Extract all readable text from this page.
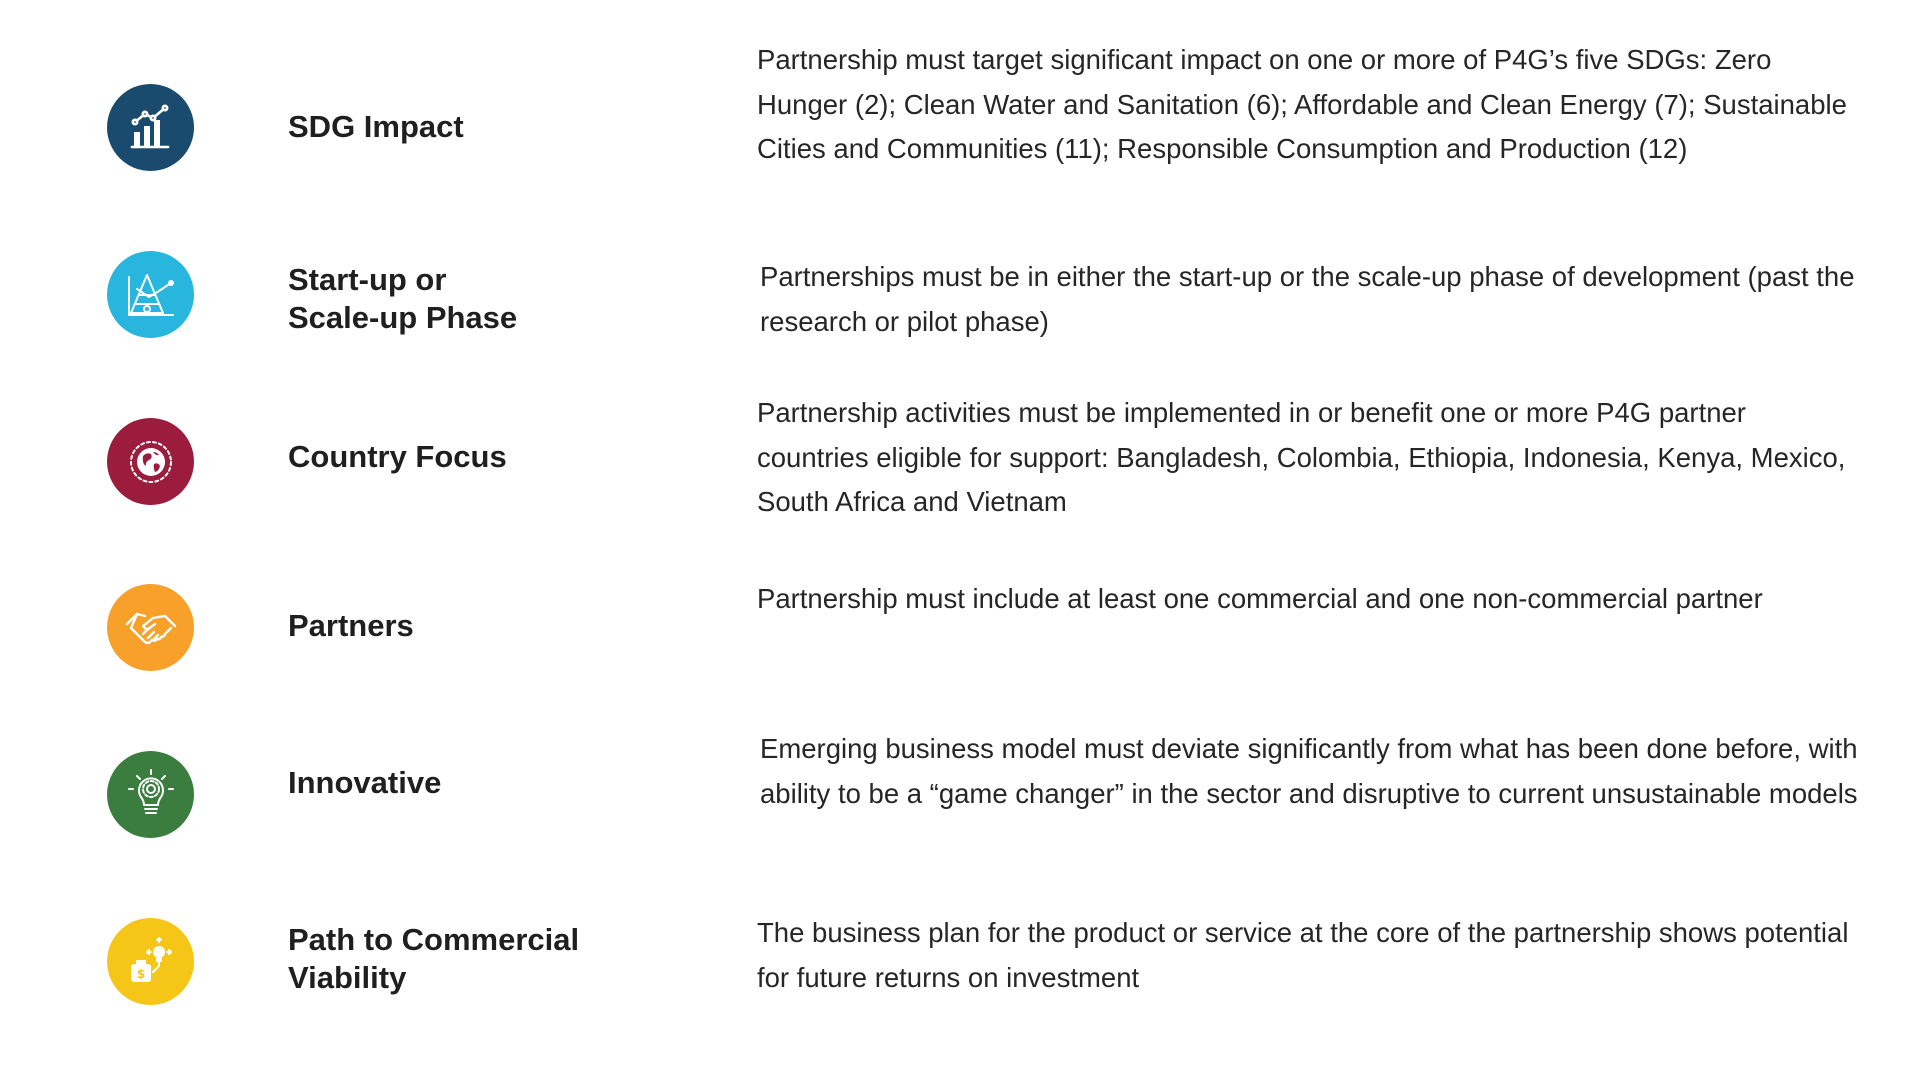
SDG Impact
Partnership must target significant impact on one or more of P4G’s five SDGs: Zero Hunger (2); Clean Water and Sanitation (6); Affordable and Clean Energy (7); Sustainable Cities and Communities (11); Responsible Consumption and Production (12)
Start-up or
Scale-up Phase
Partnerships must be in either the start-up or the scale-up phase of development (past the research or pilot phase)
Country Focus
Partnership activities must be implemented in or benefit one or more P4G partner countries eligible for support: Bangladesh, Colombia, Ethiopia, Indonesia, Kenya, Mexico, South Africa and Vietnam
Partners
Partnership must include at least one commercial and one non-commercial partner
Innovative
Emerging business model must deviate significantly from what has been done before, with ability to be a “game changer” in the sector and disruptive to current unsustainable models
$
Path to Commercial
Viability
The business plan for the product or service at the core of the partnership shows potential for future returns on investment
